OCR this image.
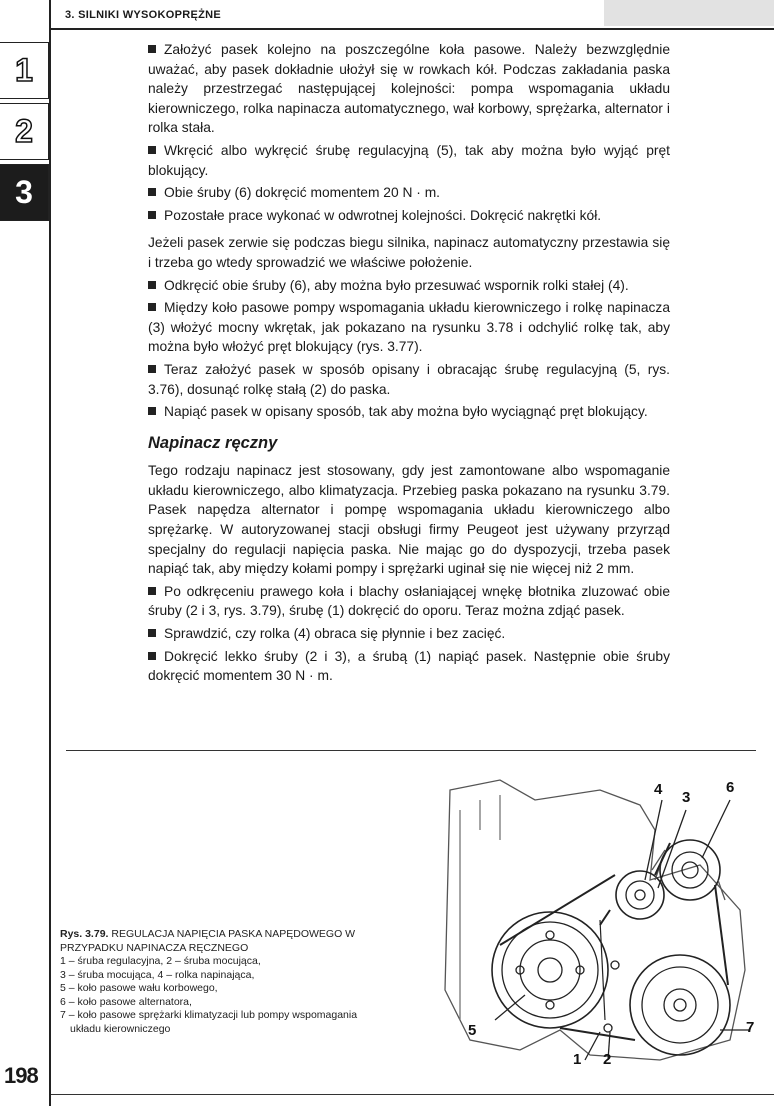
3. SILNIKI WYSOKOPRĘŻNE
1
2
3

Założyć pasek kolejno na poszczególne koła pasowe. Należy bezwzględnie uważać, aby pasek dokładnie ułożył się w rowkach kół. Podczas zakładania paska należy przestrzegać następującej kolejności: pompa wspomagania układu kierowniczego, rolka napinacza automatycznego, wał korbowy, sprężarka, alternator i rolka stała.

Wkręcić albo wykręcić śrubę regulacyjną (5), tak aby można było wyjąć pręt blokujący.

Obie śruby (6) dokręcić momentem 20 N · m.

Pozostałe prace wykonać w odwrotnej kolejności. Dokręcić nakrętki kół.

Jeżeli pasek zerwie się podczas biegu silnika, napinacz automatyczny przestawia się i trzeba go wtedy sprowadzić we właściwe położenie.

Odkręcić obie śruby (6), aby można było przesuwać wspornik rolki stałej (4).

Między koło pasowe pompy wspomagania układu kierowniczego i rolkę napinacza (3) włożyć mocny wkrętak, jak pokazano na rysunku 3.78 i odchylić rolkę tak, aby można było włożyć pręt blokujący (rys. 3.77).

Teraz założyć pasek w sposób opisany i obracając śrubę regulacyjną (5, rys. 3.76), dosunąć rolkę stałą (2) do paska.

Napiąć pasek w opisany sposób, tak aby można było wyciągnąć pręt blokujący.

Napinacz ręczny

Tego rodzaju napinacz jest stosowany, gdy jest zamontowane albo wspomaganie układu kierowniczego, albo klimatyzacja. Przebieg paska pokazano na rysunku 3.79. Pasek napędza alternator i pompę wspomagania układu kierowniczego albo sprężarkę. W autoryzowanej stacji obsługi firmy Peugeot jest używany przyrząd specjalny do regulacji napięcia paska. Nie mając go do dyspozycji, trzeba pasek napiąć tak, aby między kołami pompy i sprężarki uginał się nie więcej niż 2 mm.

Po odkręceniu prawego koła i blachy osłaniającej wnękę błotnika zluzować obie śruby (2 i 3, rys. 3.79), śrubę (1) dokręcić do oporu. Teraz można zdjąć pasek.

Sprawdzić, czy rolka (4) obraca się płynnie i bez zacięć.

Dokręcić lekko śruby (2 i 3), a śrubą (1) napiąć pasek. Następnie obie śruby dokręcić momentem 30 N · m.

4 3
6
5	7
1 2
Rys. 3.79. REGULACJA NAPIĘCIA PASKA NAPĘDOWEGO W PRZYPADKU NAPINACZA RĘCZNEGO
1 – śruba regulacyjna, 2 – śruba mocująca,
3 – śruba mocująca, 4 – rolka napinająca,
5 – koło pasowe wału korbowego,
6 – koło pasowe alternatora,
7 – koło pasowe sprężarki klimatyzacji lub pompy wspomagania układu kierowniczego
198
